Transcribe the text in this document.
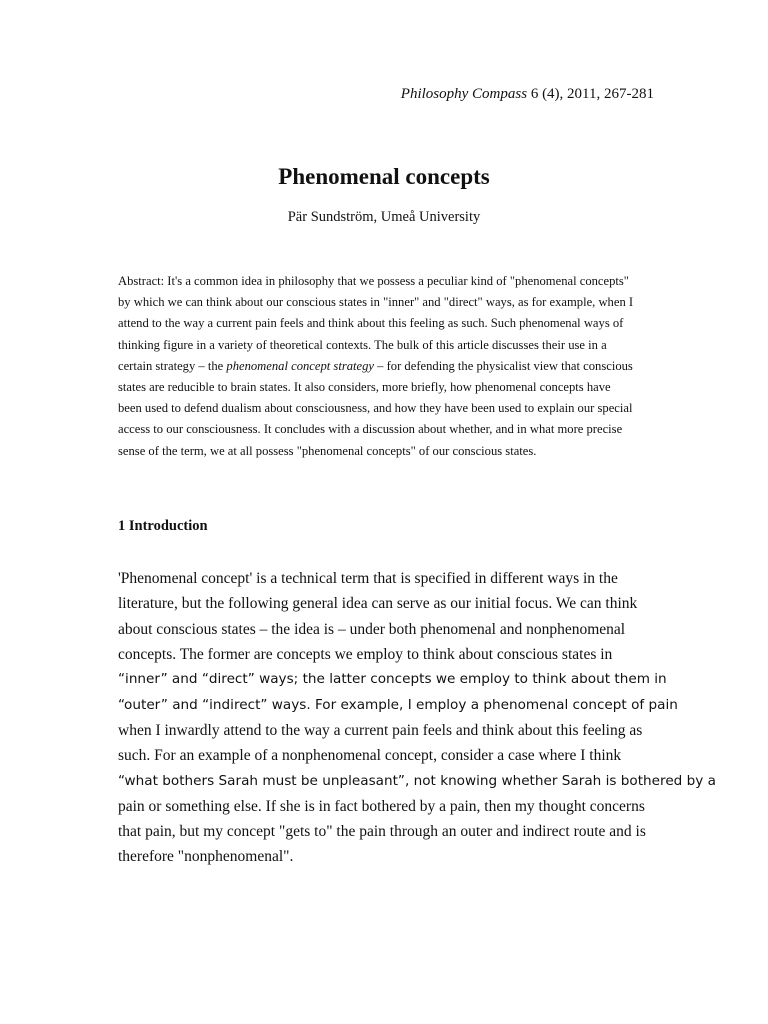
Philosophy Compass 6 (4), 2011, 267-281
Phenomenal concepts
Pär Sundström, Umeå University
Abstract: It's a common idea in philosophy that we possess a peculiar kind of "phenomenal concepts"
by which we can think about our conscious states in "inner" and "direct" ways, as for example, when I
attend to the way a current pain feels and think about this feeling as such. Such phenomenal ways of
thinking figure in a variety of theoretical contexts. The bulk of this article discusses their use in a
certain strategy – the phenomenal concept strategy – for defending the physicalist view that conscious
states are reducible to brain states. It also considers, more briefly, how phenomenal concepts have
been used to defend dualism about consciousness, and how they have been used to explain our special
access to our consciousness. It concludes with a discussion about whether, and in what more precise
sense of the term, we at all possess "phenomenal concepts" of our conscious states.
1 Introduction
'Phenomenal concept' is a technical term that is specified in different ways in the
literature, but the following general idea can serve as our initial focus. We can think
about conscious states – the idea is – under both phenomenal and nonphenomenal
concepts. The former are concepts we employ to think about conscious states in
“inner” and “direct” ways; the latter concepts we employ to think about them in
“outer” and “indirect” ways. For example, I employ a phenomenal concept of pain
when I inwardly attend to the way a current pain feels and think about this feeling as
such. For an example of a nonphenomenal concept, consider a case where I think
“what bothers Sarah must be unpleasant”, not knowing whether Sarah is bothered by a
pain or something else. If she is in fact bothered by a pain, then my thought concerns
that pain, but my concept "gets to" the pain through an outer and indirect route and is
therefore "nonphenomenal".
